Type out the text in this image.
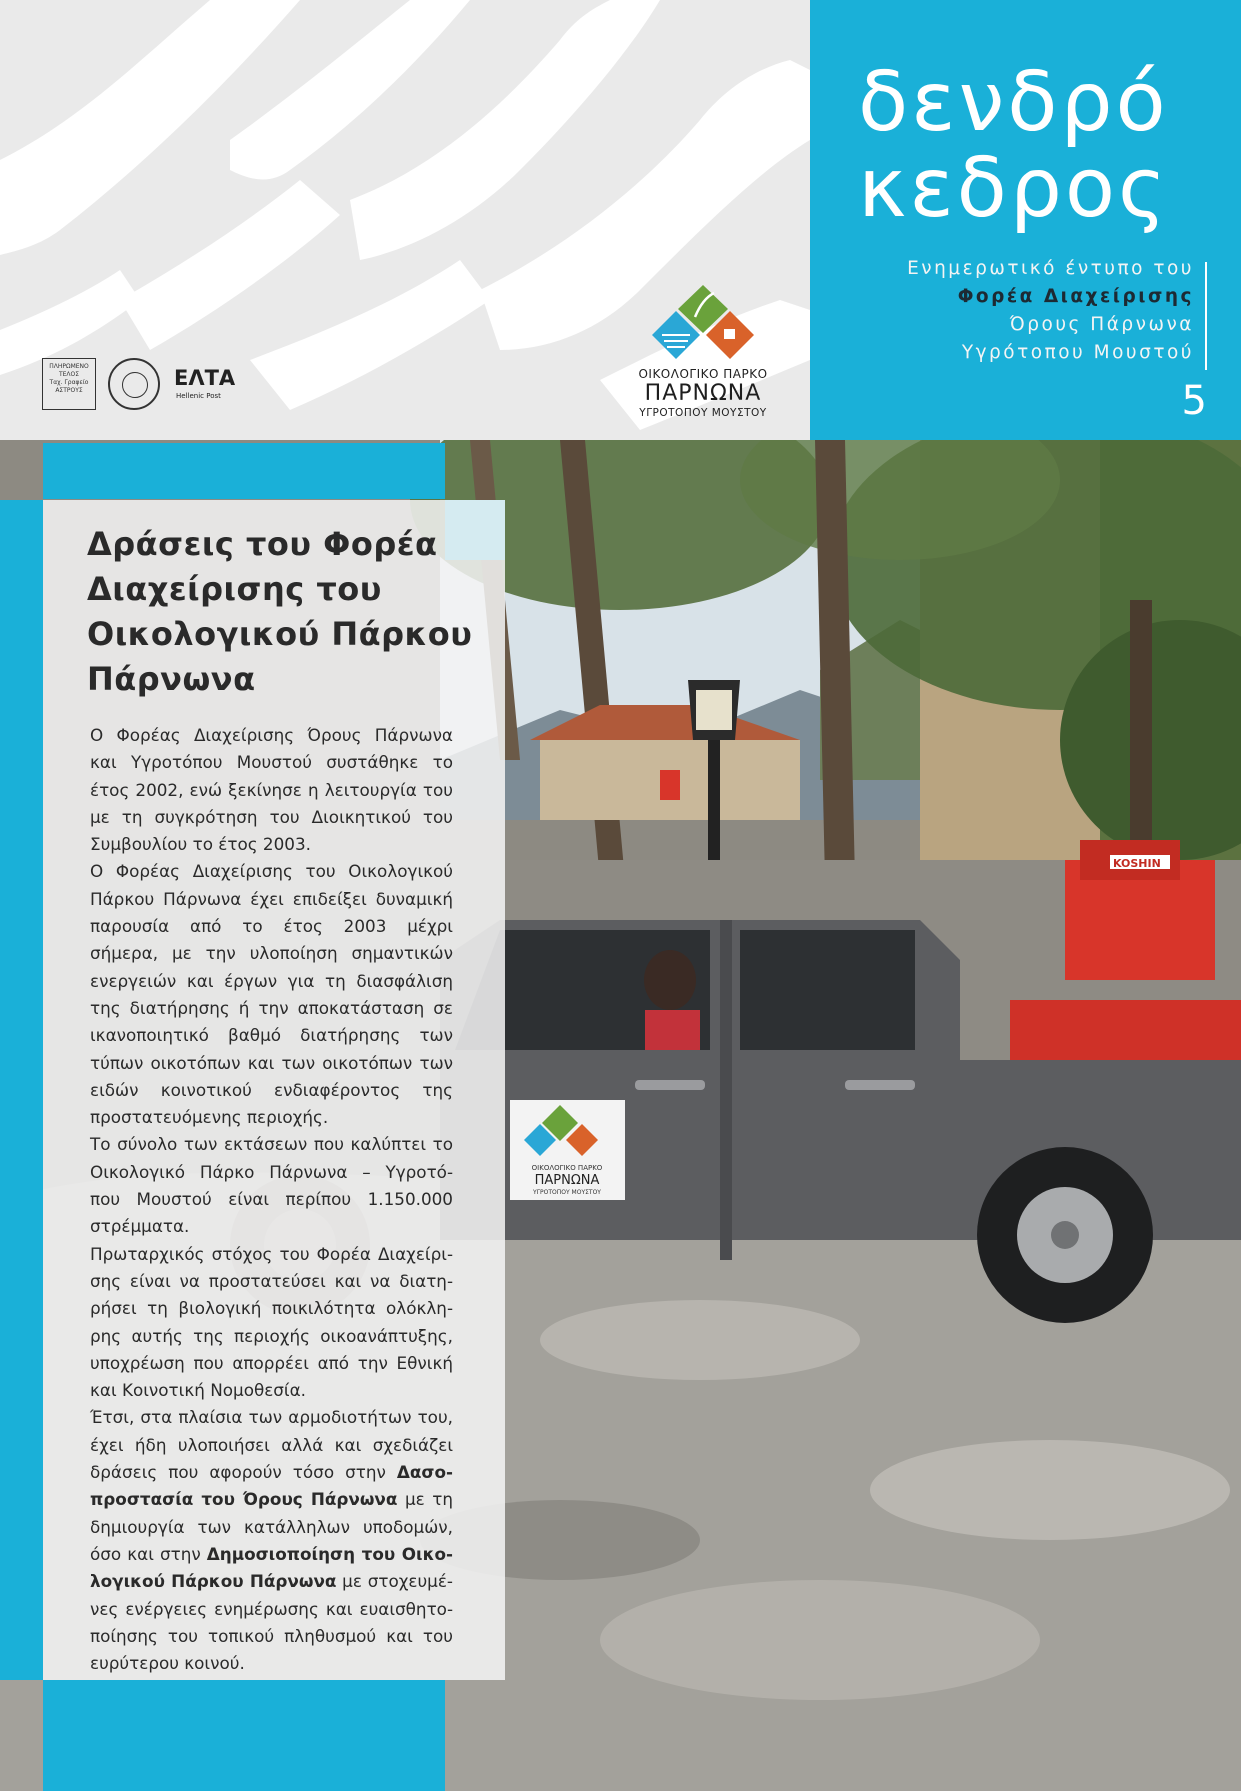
ΠΛΗΡΩΜΕΝΟ
ΤΕΛΟΣ
Ταχ. Γραφείο
ΑΣΤΡΟΥΣ
ΕΛΤΑ
Hellenic Post
ΟΙΚΟΛΟΓΙΚΟ ΠΑΡΚΟ
ΠΑΡΝΩΝΑ
ΥΓΡΟΤΟΠΟΥ ΜΟΥΣΤΟΥ
δενδρό
κεδρος
Ενημερωτικό έντυπο του
Φορέα Διαχείρισης
Όρους Πάρνωνα
Υγρότοπου Μουστού
5
KOSHIN
ΟΙΚΟΛΟΓΙΚΟ ΠΑΡΚΟ
ΠΑΡΝΩΝΑ
ΥΓΡΟΤΟΠΟΥ ΜΟΥΣΤΟΥ
Δράσεις του Φορέα
Διαχείρισης του
Οικολογικού Πάρκου
Πάρνωνα
Ο Φορέας Διαχείρισης Όρους Πάρνωνα
και Υγροτόπου Μουστού συστάθηκε το
έτος 2002, ενώ ξεκίνησε η λειτουργία του
με τη συγκρότηση του Διοικητικού του
Συμβουλίου το έτος 2003.
Ο Φορέας Διαχείρισης του Οικολογικού
Πάρκου Πάρνωνα έχει επιδείξει δυναμική
παρουσία από το έτος 2003 μέχρι
σήμερα, με την υλοποίηση σημαντικών
ενεργειών και έργων για τη διασφάλιση
της διατήρησης ή την αποκατάσταση σε
ικανοποιητικό βαθμό διατήρησης των
τύπων οικοτόπων και των οικοτόπων των
ειδών κοινοτικού ενδιαφέροντος της
προστατευόμενης περιοχής.
Το σύνολο των εκτάσεων που καλύπτει το
Οικολογικό Πάρκο Πάρνωνα – Υγροτό-
που Μουστού είναι περίπου 1.150.000
στρέμματα.
Πρωταρχικός στόχος του Φορέα Διαχείρι-
σης είναι να προστατεύσει και να διατη-
ρήσει τη βιολογική ποικιλότητα ολόκλη-
ρης αυτής της περιοχής οικοανάπτυξης,
υποχρέωση που απορρέει από την Εθνική
και Κοινοτική Νομοθεσία.
Έτσι, στα πλαίσια των αρμοδιοτήτων του,
έχει ήδη υλοποιήσει αλλά και σχεδιάζει
δράσεις που αφορούν τόσο στην Δασο-
προστασία του Όρους Πάρνωνα με τη
δημιουργία των κατάλληλων υποδομών,
όσο και στην Δημοσιοποίηση του Οικο-
λογικού Πάρκου Πάρνωνα με στοχευμέ-
νες ενέργειες ενημέρωσης και ευαισθητο-
ποίησης του τοπικού πληθυσμού και του
ευρύτερου κοινού.
